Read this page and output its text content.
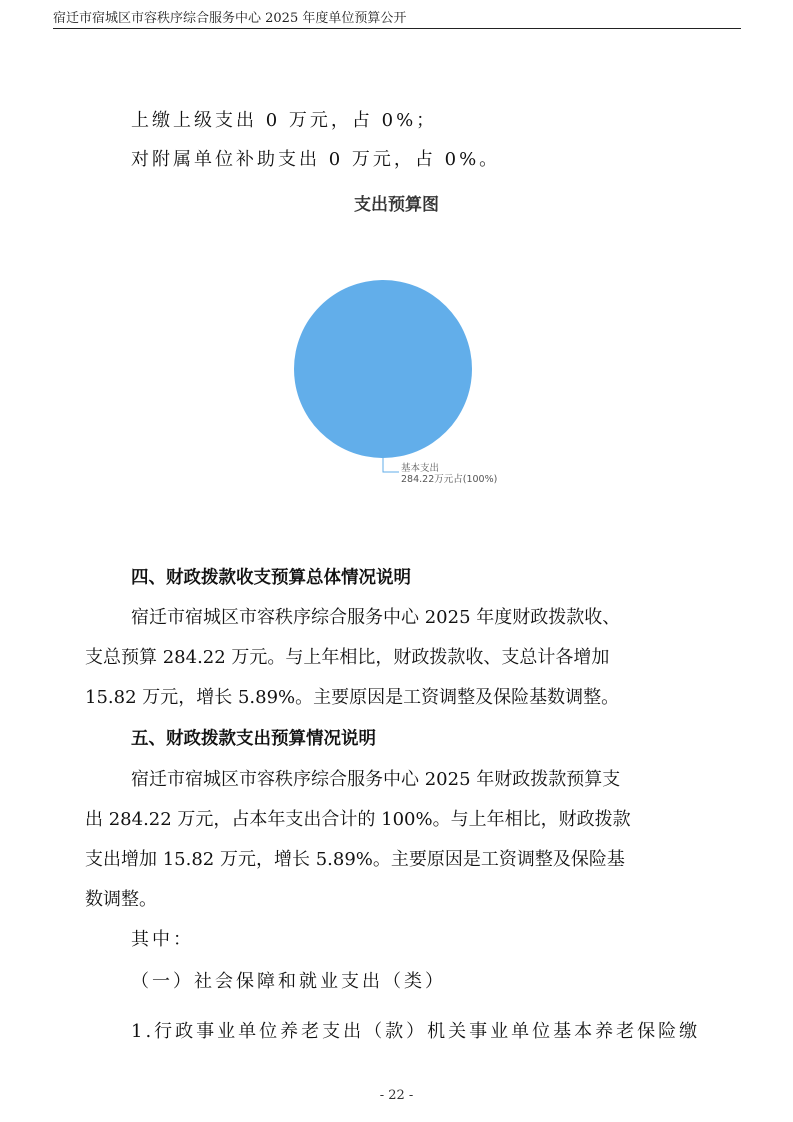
宿迁市宿城区市容秩序综合服务中心 2025 年度单位预算公开
上缴上级支出 0 万元，占 0%；
对附属单位补助支出 0 万元，占 0%。
支出预算图
基本支出
284.22万元占(100%)
四、财政拨款收支预算总体情况说明
宿迁市宿城区市容秩序综合服务中心 2025 年度财政拨款收、
支总预算 284.22 万元。与上年相比，财政拨款收、支总计各增加
15.82 万元，增长 5.89%。主要原因是工资调整及保险基数调整。
五、财政拨款支出预算情况说明
宿迁市宿城区市容秩序综合服务中心 2025 年财政拨款预算支
出 284.22 万元，占本年支出合计的 100%。与上年相比，财政拨款
支出增加 15.82 万元，增长 5.89%。主要原因是工资调整及保险基
数调整。
其中：
（一）社会保障和就业支出（类）
1.行政事业单位养老支出（款）机关事业单位基本养老保险缴
- 22 -
